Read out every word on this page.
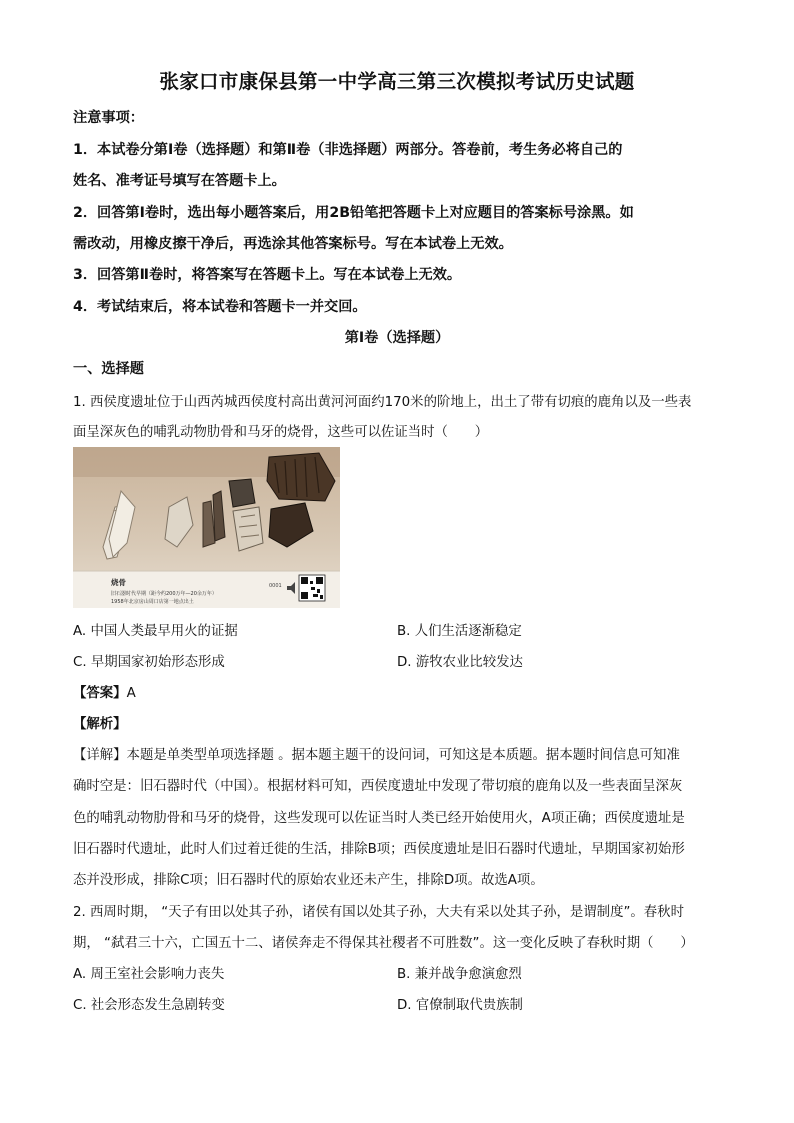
张家口市康保县第一中学高三第三次模拟考试历史试题
注意事项：
1．本试卷分第Ⅰ卷（选择题）和第Ⅱ卷（非选择题）两部分。答卷前，考生务必将自己的
姓名、准考证号填写在答题卡上。
2．回答第Ⅰ卷时，选出每小题答案后，用2B铅笔把答题卡上对应题目的答案标号涂黑。如
需改动，用橡皮擦干净后，再选涂其他答案标号。写在本试卷上无效。
3．回答第Ⅱ卷时，将答案写在答题卡上。写在本试卷上无效。
4．考试结束后，将本试卷和答题卡一并交回。
第Ⅰ卷（选择题）
一、选择题
1. 西侯度遗址位于山西芮城西侯度村高出黄河河面约170米的阶地上，出土了带有切痕的鹿角以及一些表
面呈深灰色的哺乳动物肋骨和马牙的烧骨，这些可以佐证当时（　　）
烧骨
旧石器时代早期（距今约200万年—20余万年）
1958年北京房山周口店第一地点出土
0001
A. 中国人类最早用火的证据	B. 人们生活逐渐稳定
C. 早期国家初始形态形成	D. 游牧农业比较发达
【答案】A
【解析】
【详解】本题是单类型单项选择题 。据本题主题干的设问词，可知这是本质题。据本题时间信息可知准
确时空是：旧石器时代（中国）。根据材料可知，西侯度遗址中发现了带切痕的鹿角以及一些表面呈深灰
色的哺乳动物肋骨和马牙的烧骨，这些发现可以佐证当时人类已经开始使用火，A项正确；西侯度遗址是
旧石器时代遗址，此时人们过着迁徙的生活，排除B项；西侯度遗址是旧石器时代遗址，早期国家初始形
态并没形成，排除C项；旧石器时代的原始农业还未产生，排除D项。故选A项。
2. 西周时期， “天子有田以处其子孙，诸侯有国以处其子孙，大夫有采以处其子孙，是谓制度”。春秋时
期， “弑君三十六，亡国五十二、诸侯奔走不得保其社稷者不可胜数”。这一变化反映了春秋时期（　　）
A. 周王室社会影响力丧失	B. 兼并战争愈演愈烈
C. 社会形态发生急剧转变	D. 官僚制取代贵族制
